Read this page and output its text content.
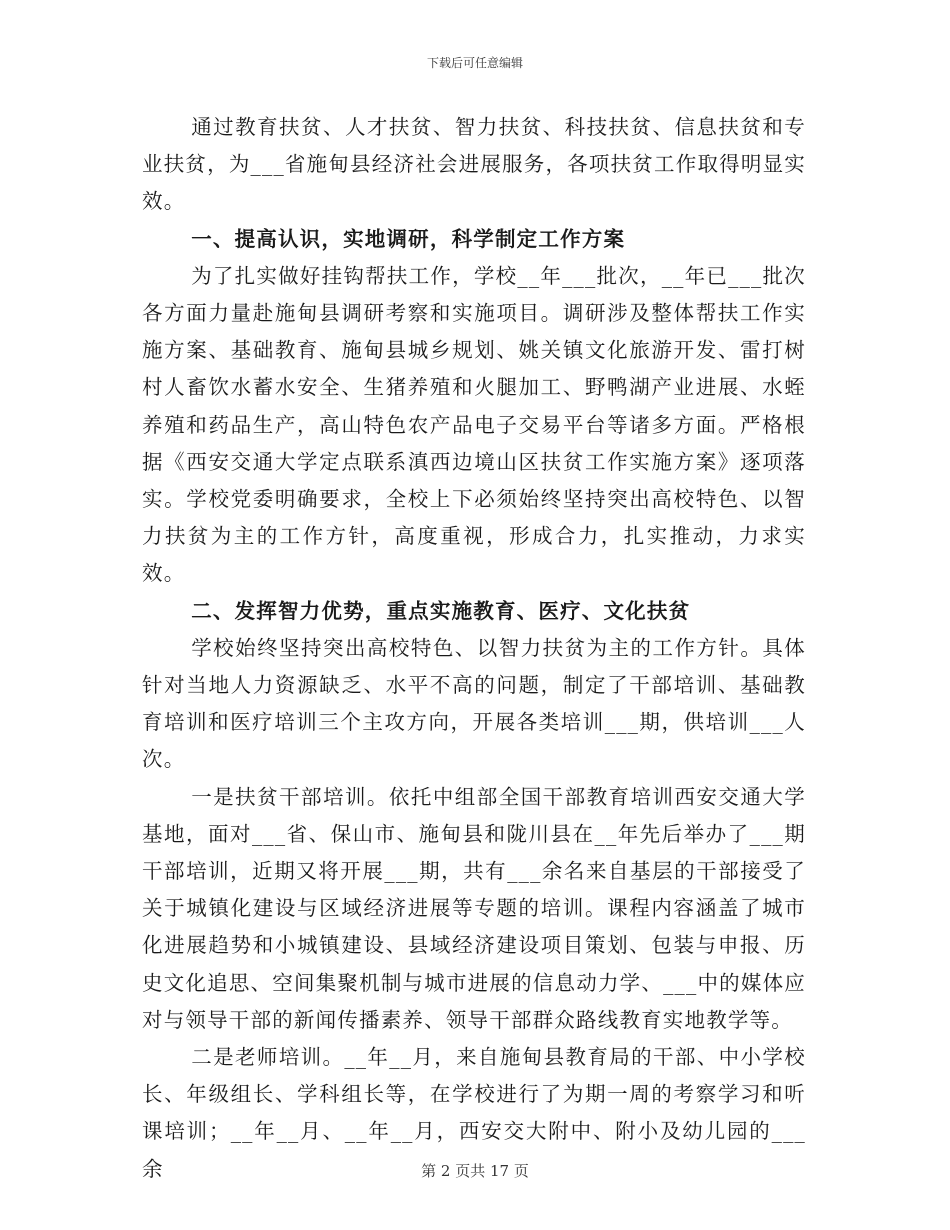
下载后可任意编辑

通过教育扶贫、人才扶贫、智力扶贫、科技扶贫、信息扶贫和专业扶贫，为___省施甸县经济社会进展服务，各项扶贫工作取得明显实效。

一、提高认识，实地调研，科学制定工作方案

为了扎实做好挂钩帮扶工作，学校__年___批次，__年已___批次各方面力量赴施甸县调研考察和实施项目。调研涉及整体帮扶工作实施方案、基础教育、施甸县城乡规划、姚关镇文化旅游开发、雷打树村人畜饮水蓄水安全、生猪养殖和火腿加工、野鸭湖产业进展、水蛭养殖和药品生产，高山特色农产品电子交易平台等诸多方面。严格根据《西安交通大学定点联系滇西边境山区扶贫工作实施方案》逐项落实。学校党委明确要求，全校上下必须始终坚持突出高校特色、以智力扶贫为主的工作方针，高度重视，形成合力，扎实推动，力求实效。

二、发挥智力优势，重点实施教育、医疗、文化扶贫

学校始终坚持突出高校特色、以智力扶贫为主的工作方针。具体针对当地人力资源缺乏、水平不高的问题，制定了干部培训、基础教育培训和医疗培训三个主攻方向，开展各类培训___期，供培训___人次。

一是扶贫干部培训。依托中组部全国干部教育培训西安交通大学基地，面对___省、保山市、施甸县和陇川县在__年先后举办了___期干部培训，近期又将开展___期，共有___余名来自基层的干部接受了关于城镇化建设与区域经济进展等专题的培训。课程内容涵盖了城市化进展趋势和小城镇建设、县域经济建设项目策划、包装与申报、历史文化追思、空间集聚机制与城市进展的信息动力学、___中的媒体应对与领导干部的新闻传播素养、领导干部群众路线教育实地教学等。

二是老师培训。__年__月，来自施甸县教育局的干部、中小学校长、年级组长、学科组长等，在学校进行了为期一周的考察学习和听课培训；__年__月、__年__月，西安交大附中、附小及幼儿园的___余	第 2 页共 17 页
